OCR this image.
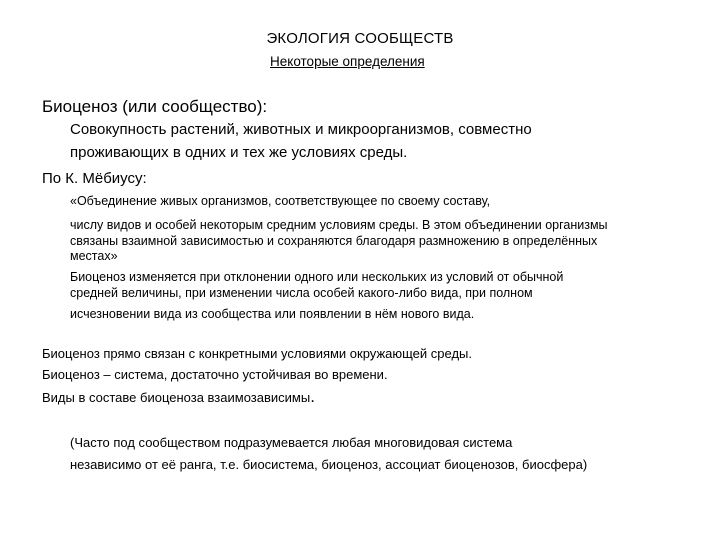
ЭКОЛОГИЯ СООБЩЕСТВ
Некоторые определения
Биоценоз (или сообщество):
Совокупность растений, животных и микроорганизмов, совместно
проживающих в одних и тех же условиях среды.
По К. Мёбиусу:
«Объединение живых организмов, соответствующее по своему составу,
числу видов и особей некоторым средним условиям среды. В этом объединении организмы
связаны взаимной зависимостью и сохраняются благодаря размножению в определённых
местах»
Биоценоз изменяется при отклонении одного или нескольких из условий от обычной
средней величины, при изменении числа особей какого-либо вида, при полном
исчезновении вида из сообщества или появлении в нём нового вида.
Биоценоз прямо связан с конкретными условиями окружающей среды.
Биоценоз – система, достаточно устойчивая во времени.
Виды в составе биоценоза взаимозависимы.
(Часто под сообществом подразумевается любая многовидовая система
независимо от её ранга, т.е. биосистема, биоценоз, ассоциат биоценозов, биосфера)
